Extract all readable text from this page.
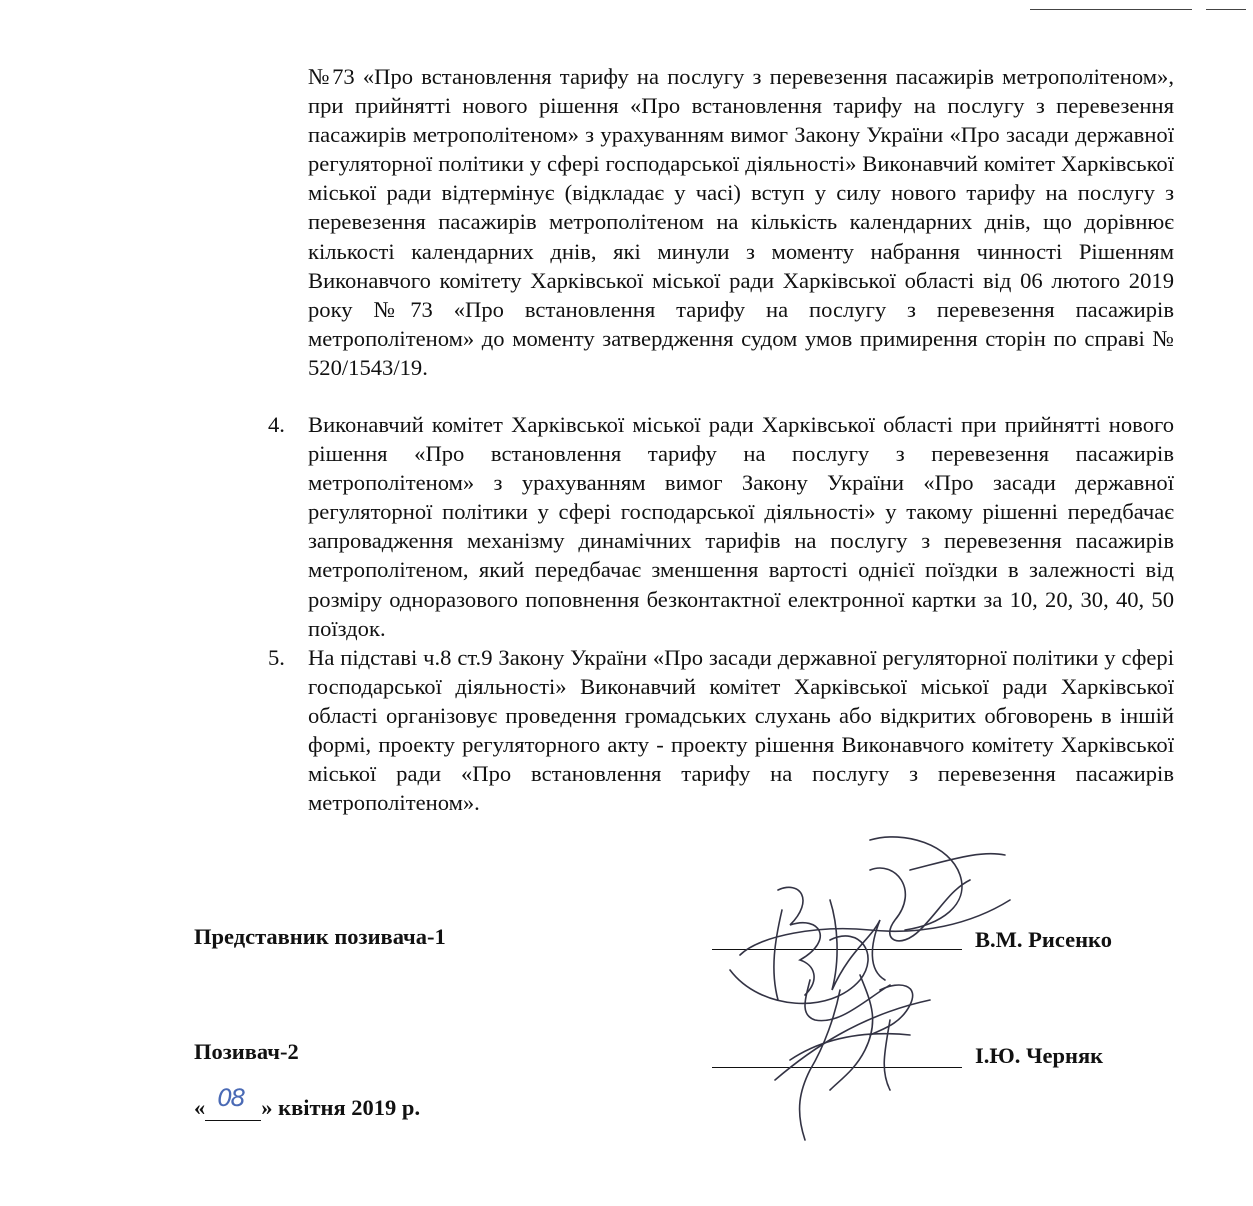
№73 «Про встановлення тарифу на послугу з перевезення пасажирів метрополітеном», при прийнятті нового рішення «Про встановлення тарифу на послугу з перевезення пасажирів метрополітеном» з урахуванням вимог Закону України «Про засади державної регуляторної політики у сфері господарської діяльності» Виконавчий комітет Харківської міської ради відтермінує (відкладає у часі) вступ у силу нового тарифу на послугу з перевезення пасажирів метрополітеном на кількість календарних днів, що дорівнює кількості календарних днів, які минули з моменту набрання чинності Рішенням Виконавчого комітету Харківської міської ради Харківської області від 06 лютого 2019 року №73 «Про встановлення тарифу на послугу з перевезення пасажирів метрополітеном» до моменту затвердження судом умов примирення сторін по справі № 520/1543/19.

4.	Виконавчий комітет Харківської міської ради Харківської області при прийнятті нового рішення «Про встановлення тарифу на послугу з перевезення пасажирів метрополітеном» з урахуванням вимог Закону України «Про засади державної регуляторної політики у сфері господарської діяльності» у такому рішенні передбачає запровадження механізму динамічних тарифів на послугу з перевезення пасажирів метрополітеном, який передбачає зменшення вартості однієї поїздки в залежності від розміру одноразового поповнення безконтактної електронної картки за 10, 20, 30, 40, 50 поїздок.
5.	На підставі ч.8 ст.9 Закону України «Про засади державної регуляторної політики у сфері господарської діяльності» Виконавчий комітет Харківської міської ради Харківської області організовує проведення громадських слухань або відкритих обговорень в іншій формі, проекту регуляторного акту - проекту рішення Виконавчого комітету Харківської міської ради «Про встановлення тарифу на послугу з перевезення пасажирів метрополітеном».
Представник позивача-1	В.М. Рисенко
Позивач-2	І.Ю. Черняк
« 08 » квітня 2019 р.
